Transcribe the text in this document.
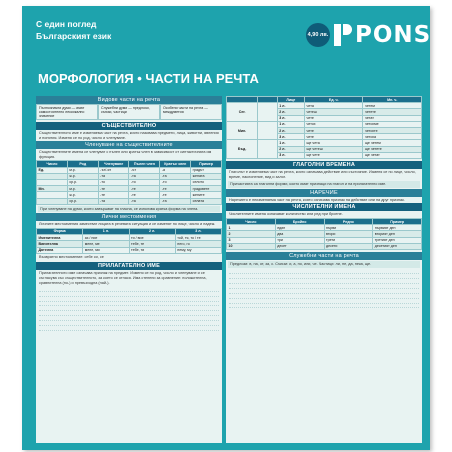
С един поглед
Българският език	4,90 лв. PONS
МОРФОЛОГИЯ • ЧАСТИ НА РЕЧТА
Видове части на речта
Пълнозначни думи — имат самостоятелно лексикално значение
Служебни думи — предлози, съюзи, частици
Особени части на речта — междуметия
СЪЩЕСТВИТЕЛНО
Съществителното име е изменяема част на речта, която назовава предмети, лица, животни, явления и понятия. Изменя се по род, число и членуване.
Членуване на съществителните
Съществителните имена се членуват с пълен или кратък член в зависимост от синтактичната им функция.
Число	Род	Членуване	Пълен член	Кратък член	Пример
Ед.	м.р.	-ът/-ят	-ът	-а	градът
	ж.р.	-та	-та	-та	жената
	ср.р.	-то	-то	-то	селото
Мн.	м.р.	-те	-те	-те	градовете
	ж.р.	-те	-те	-те	жените
	ср.р.	-та	-та	-та	селата
При членуване на думи, които завършват на гласна, се използва кратка форма на члена.
Лични местоимения
Личните местоимения заместват лицата в речевата ситуация и се изменят по лице, число и падеж.
Форма	1 л.	2 л.	3 л.
Именителна	аз / ние	ти / вие	той, тя, то / те
Винителна	мене, ме	тебе, те	него, го
Дателна	мене, ми	тебе, ти	нему, му
Възвратно местоимение: себе си, се
ПРИЛАГАТЕЛНО ИМЕ
Прилагателното име означава признак на предмет. Изменя се по род, число и членуване и се съгласува със съществителното, за което се отнася. Има степени за сравнение: положителна, сравнителна (по-) и превъзходна (най-).
		Лице	Ед. ч.	Мн. ч.
Сег.		1 л.	чета	четем
		2 л.	четеш	четете
		3 л.	чете	четат
Мин.		1 л.	четох	четохме
		2 л.	чете	четохте
		3 л.	чете	четоха
Бъд.		1 л.	ще чета	ще четем
		2 л.	ще четеш	ще четете
		3 л.	ще чете	ще четат
ГЛАГОЛНИ ВРЕМЕНА
Глаголът е изменяема част на речта, която означава действие или състояние. Изменя се по лице, число, време, наклонение, вид и залог.
Причастията са глаголни форми, които имат признаци на глагол и на прилагателно име.
НАРЕЧИЕ
Наречието е неизменяема част на речта, която означава признак на действие или на друг признак.
ЧИСЛИТЕЛНИ ИМЕНА
Числителните имена означават количество или ред при броене.
Число	Бройно	Редно	Пример
1	един	първи	първият ден
2	два	втори	вторият ден
3	три	трети	третият ден
10	десет	десети	десетият ден
Служебни части на речта
Предлози: в, на, от, за, с. Съюзи: и, а, но, или, че. Частици: ли, не, да, нека, ще.
